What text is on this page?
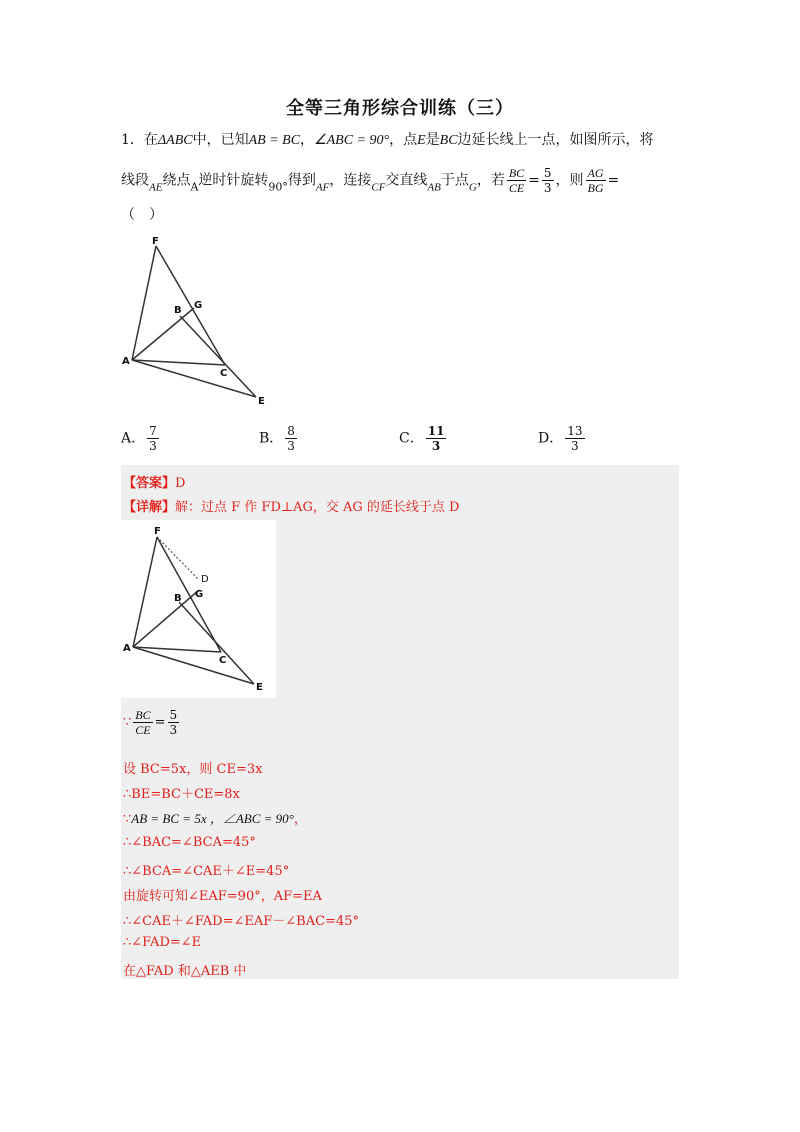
全等三角形综合训练（三）
1．在ΔABC中，已知AB = BC，∠ABC = 90°，点E是BC边延长线上一点，如图所示，将
线段$_{AE}$绕点$_A$逆时针旋转$_{90^\circ}$得到$_{AF}$，连接$_{CF}$交直线$_{AB}$于点$_G$，若 $\frac{BC}{CE} = \frac{5}{3}$ ，则 $\frac{AG}{BG}$ =
（　）
F
B G
A
C
E
A． $\frac{7}{3}$	B． $\frac{8}{3}$	C． $\frac{11}{3}$	D． $\frac{13}{3}$
【答案】D
【详解】解：过点 F 作 FD⊥AG，交 AG 的延长线于点 D
F
D
B G
A
C
E
∵ $\frac{BC}{CE} = \frac{5}{3}$
设 BC=5x，则 CE=3x
∴BE=BC＋CE=8x
∵AB = BC = 5x ，∠ABC = 90°，
∴∠BAC=∠BCA=45°
∴∠BCA=∠CAE＋∠E=45°
由旋转可知∠EAF=90°，AF=EA
∴∠CAE＋∠FAD=∠EAF－∠BAC=45°
∴∠FAD=∠E
在△FAD 和△AEB 中
